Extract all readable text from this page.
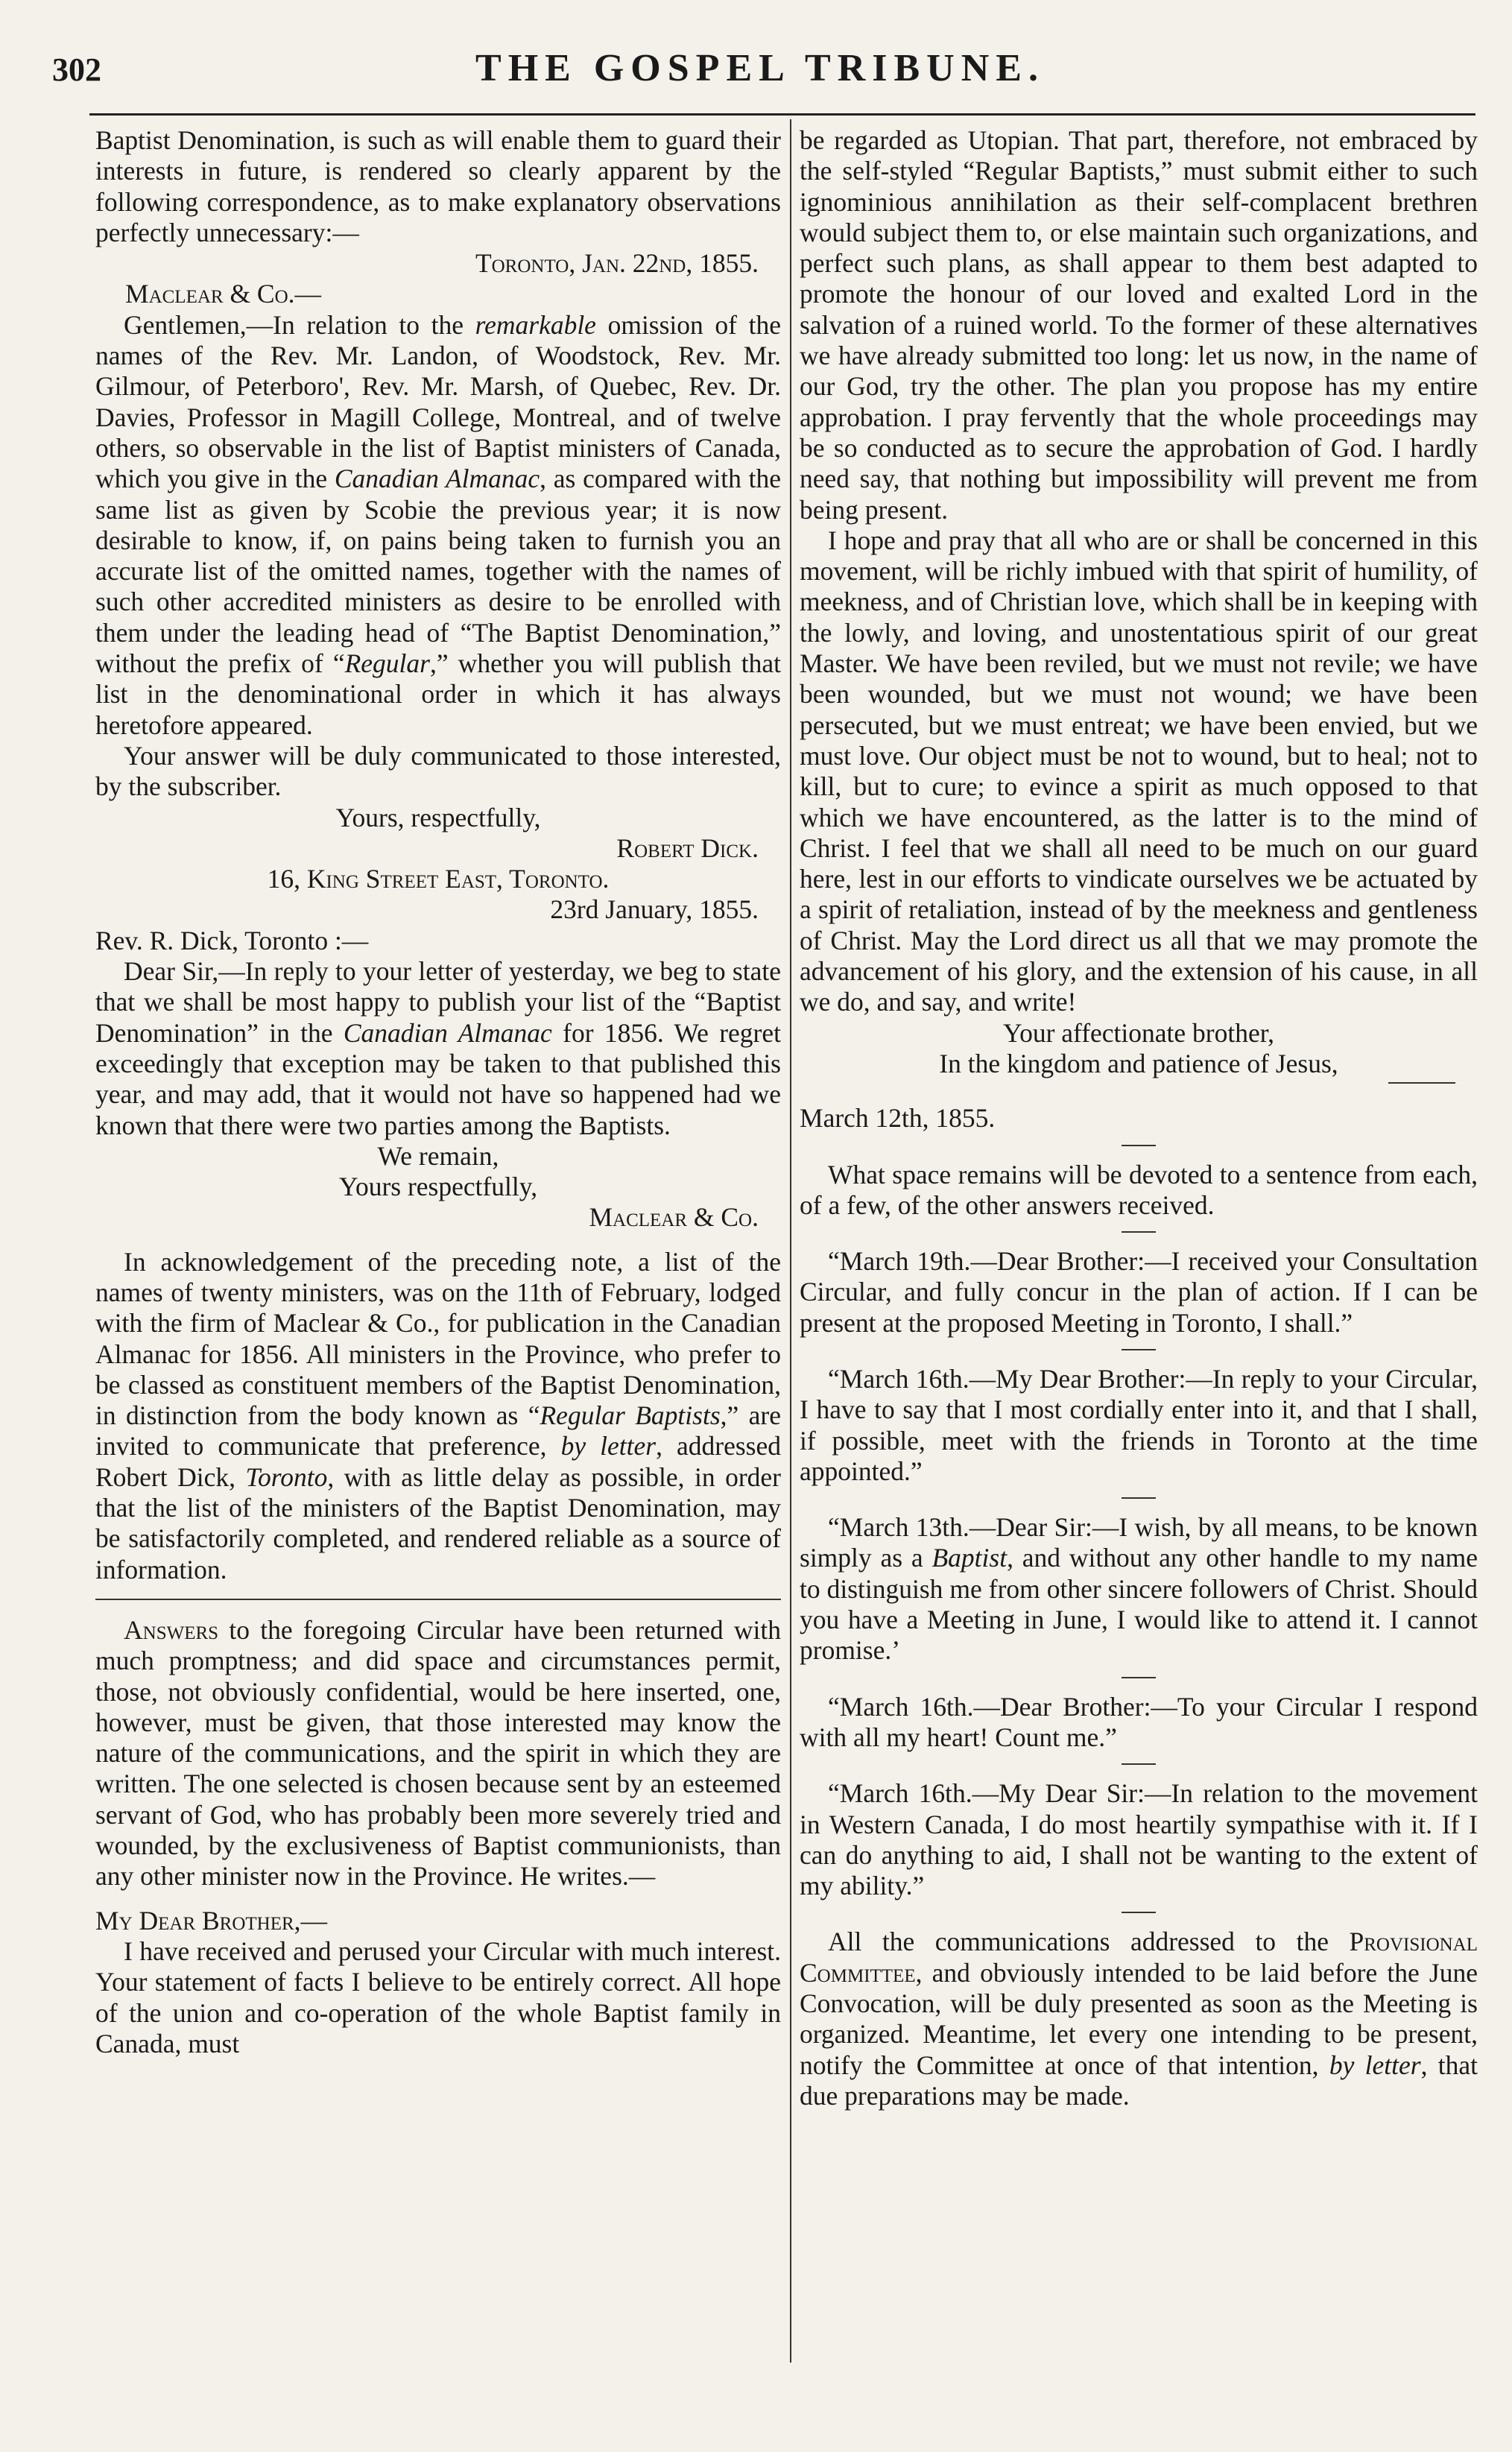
302	THE GOSPEL TRIBUNE.

Baptist Denomination, is such as will enable them to guard their interests in future, is rendered so clearly apparent by the following correspondence, as to make explanatory observations perfectly unnecessary:—

Toronto, Jan. 22nd, 1855.

Maclear & Co.—

Gentlemen,—In relation to the remarkable omission of the names of the Rev. Mr. Landon, of Woodstock, Rev. Mr. Gilmour, of Peterboro', Rev. Mr. Marsh, of Quebec, Rev. Dr. Davies, Professor in Magill College, Montreal, and of twelve others, so observable in the list of Baptist ministers of Canada, which you give in the Canadian Almanac, as compared with the same list as given by Scobie the previous year; it is now desirable to know, if, on pains being taken to furnish you an accurate list of the omitted names, together with the names of such other accredited ministers as desire to be enrolled with them under the leading head of “The Baptist Denomination,” without the prefix of “Regular,” whether you will publish that list in the denominational order in which it has always heretofore appeared.

Your answer will be duly communicated to those interested, by the subscriber.

Yours, respectfully,

Robert Dick.

16, King Street East, Toronto.

23rd January, 1855.

Rev. R. Dick, Toronto :—

Dear Sir,—In reply to your letter of yesterday, we beg to state that we shall be most happy to publish your list of the “Baptist Denomination” in the Canadian Almanac for 1856. We regret exceedingly that exception may be taken to that published this year, and may add, that it would not have so happened had we known that there were two parties among the Baptists.

We remain,

Yours respectfully,

Maclear & Co.

In acknowledgement of the preceding note, a list of the names of twenty ministers, was on the 11th of February, lodged with the firm of Maclear & Co., for publication in the Canadian Almanac for 1856. All ministers in the Province, who prefer to be classed as constituent members of the Baptist Denomination, in distinction from the body known as “Regular Baptists,” are invited to communicate that preference, by letter, addressed Robert Dick, Toronto, with as little delay as possible, in order that the list of the ministers of the Baptist Denomination, may be satisfactorily completed, and rendered reliable as a source of information.

Answers to the foregoing Circular have been returned with much promptness; and did space and circumstances permit, those, not obviously confidential, would be here inserted, one, however, must be given, that those interested may know the nature of the communications, and the spirit in which they are written. The one selected is chosen because sent by an esteemed servant of God, who has probably been more severely tried and wounded, by the exclusiveness of Baptist communionists, than any other minister now in the Province. He writes.—

My Dear Brother,—

I have received and perused your Circular with much interest. Your statement of facts I believe to be entirely correct. All hope of the union and co-operation of the whole Baptist family in Canada, must

be regarded as Utopian. That part, therefore, not embraced by the self-styled “Regular Baptists,” must submit either to such ignominious annihilation as their self-complacent brethren would subject them to, or else maintain such organizations, and perfect such plans, as shall appear to them best adapted to promote the honour of our loved and exalted Lord in the salvation of a ruined world. To the former of these alternatives we have already submitted too long: let us now, in the name of our God, try the other. The plan you propose has my entire approbation. I pray fervently that the whole proceedings may be so conducted as to secure the approbation of God. I hardly need say, that nothing but impossibility will prevent me from being present.

I hope and pray that all who are or shall be concerned in this movement, will be richly imbued with that spirit of humility, of meekness, and of Christian love, which shall be in keeping with the lowly, and loving, and unostentatious spirit of our great Master. We have been reviled, but we must not revile; we have been wounded, but we must not wound; we have been persecuted, but we must entreat; we have been envied, but we must love. Our object must be not to wound, but to heal; not to kill, but to cure; to evince a spirit as much opposed to that which we have encountered, as the latter is to the mind of Christ. I feel that we shall all need to be much on our guard here, lest in our efforts to vindicate ourselves we be actuated by a spirit of retaliation, instead of by the meekness and gentleness of Christ. May the Lord direct us all that we may promote the advancement of his glory, and the extension of his cause, in all we do, and say, and write!

Your affectionate brother,

In the kingdom and patience of Jesus,

March 12th, 1855.

What space remains will be devoted to a sentence from each, of a few, of the other answers received.

“March 19th.—Dear Brother:—I received your Consultation Circular, and fully concur in the plan of action. If I can be present at the proposed Meeting in Toronto, I shall.”

“March 16th.—My Dear Brother:—In reply to your Circular, I have to say that I most cordially enter into it, and that I shall, if possible, meet with the friends in Toronto at the time appointed.”

“March 13th.—Dear Sir:—I wish, by all means, to be known simply as a Baptist, and without any other handle to my name to distinguish me from other sincere followers of Christ. Should you have a Meeting in June, I would like to attend it. I cannot promise.’

“March 16th.—Dear Brother:—To your Circular I respond with all my heart! Count me.”

“March 16th.—My Dear Sir:—In relation to the movement in Western Canada, I do most heartily sympathise with it. If I can do anything to aid, I shall not be wanting to the extent of my ability.”

All the communications addressed to the Provisional Committee, and obviously intended to be laid before the June Convocation, will be duly presented as soon as the Meeting is organized. Meantime, let every one intending to be present, notify the Committee at once of that intention, by letter, that due preparations may be made.
